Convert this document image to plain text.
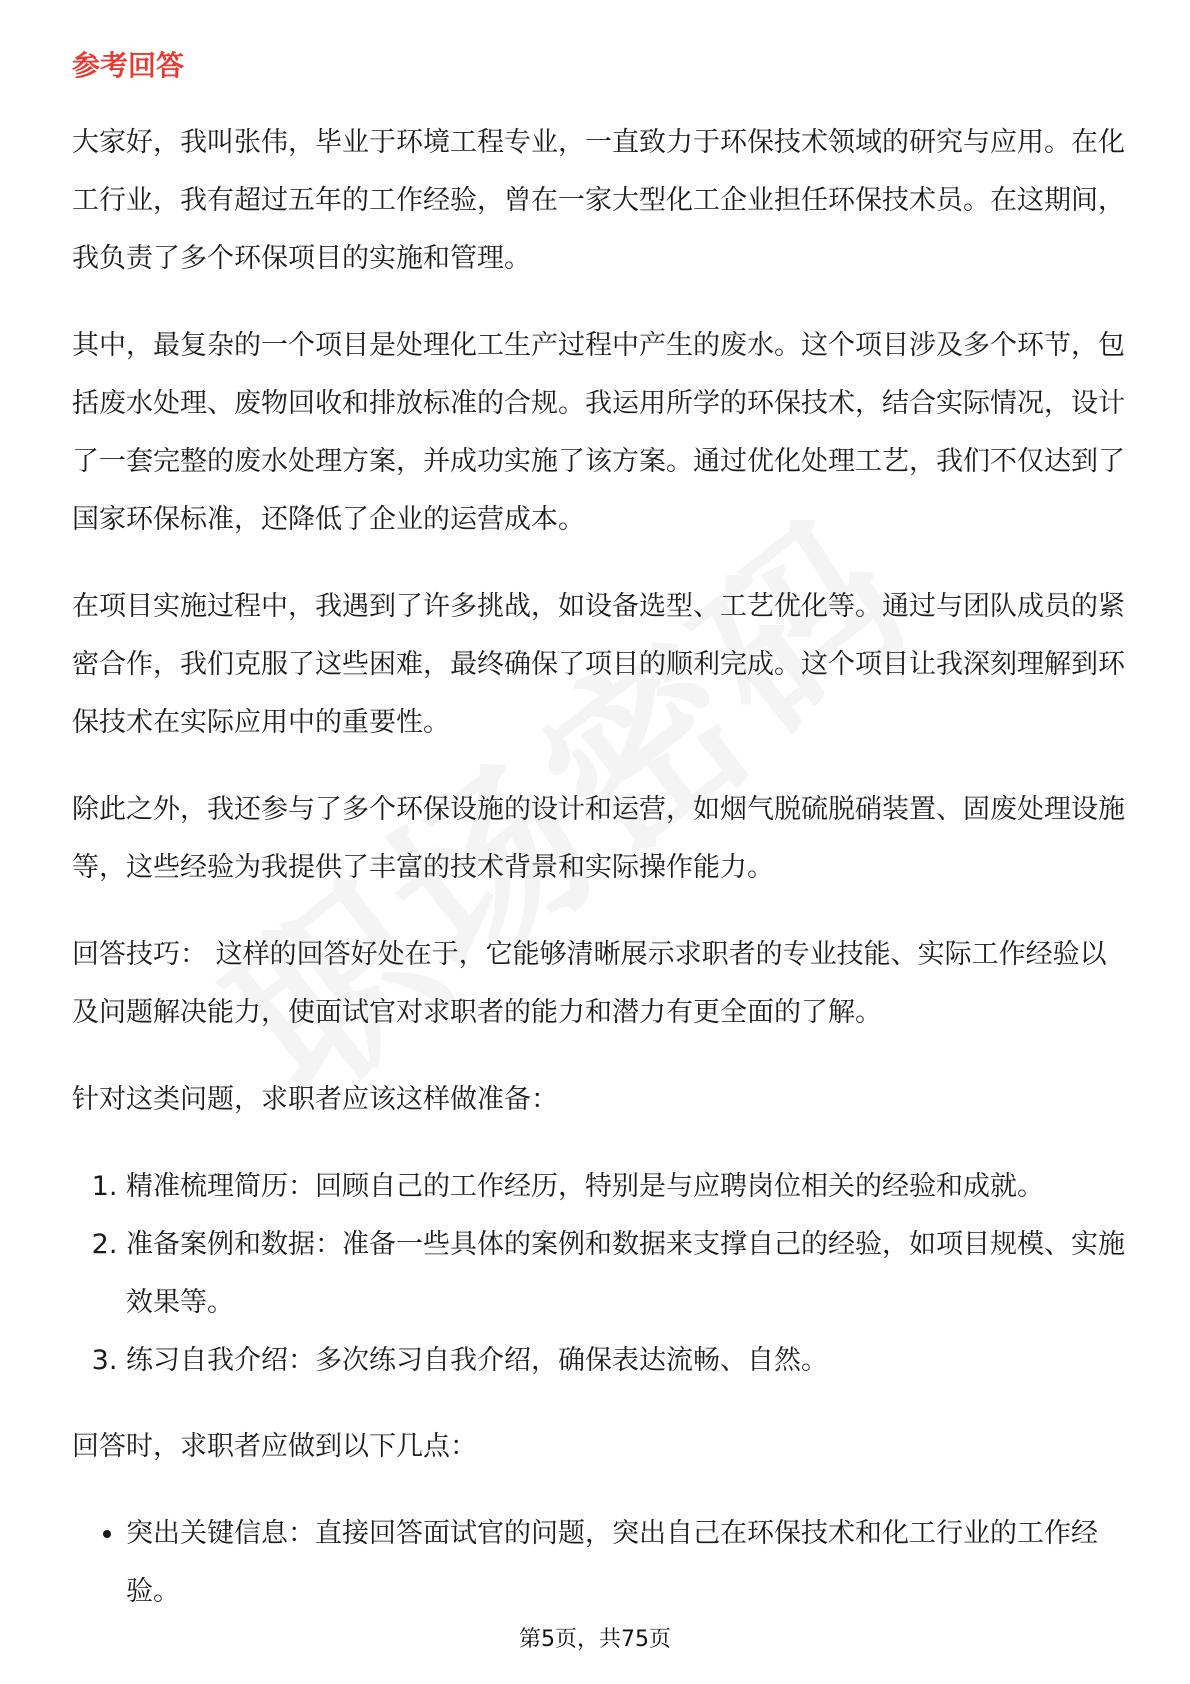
参考回答

大家好，我叫张伟，毕业于环境工程专业，一直致力于环保技术领域的研究与应用。在化工行业，我有超过五年的工作经验，曾在一家大型化工企业担任环保技术员。在这期间，我负责了多个环保项目的实施和管理。

其中，最复杂的一个项目是处理化工生产过程中产生的废水。这个项目涉及多个环节，包括废水处理、废物回收和排放标准的合规。我运用所学的环保技术，结合实际情况，设计了一套完整的废水处理方案，并成功实施了该方案。通过优化处理工艺，我们不仅达到了国家环保标准，还降低了企业的运营成本。

在项目实施过程中，我遇到了许多挑战，如设备选型、工艺优化等。通过与团队成员的紧密合作，我们克服了这些困难，最终确保了项目的顺利完成。这个项目让我深刻理解到环保技术在实际应用中的重要性。

除此之外，我还参与了多个环保设施的设计和运营，如烟气脱硫脱硝装置、固废处理设施等，这些经验为我提供了丰富的技术背景和实际操作能力。

回答技巧： 这样的回答好处在于，它能够清晰展示求职者的专业技能、实际工作经验以及问题解决能力，使面试官对求职者的能力和潜力有更全面的了解。

针对这类问题，求职者应该这样做准备：

1. 精准梳理简历：回顾自己的工作经历，特别是与应聘岗位相关的经验和成就。
2. 准备案例和数据：准备一些具体的案例和数据来支撑自己的经验，如项目规模、实施效果等。
3. 练习自我介绍：多次练习自我介绍，确保表达流畅、自然。

回答时，求职者应做到以下几点：

• 突出关键信息：直接回答面试官的问题，突出自己在环保技术和化工行业的工作经验。
第5页，共75页
